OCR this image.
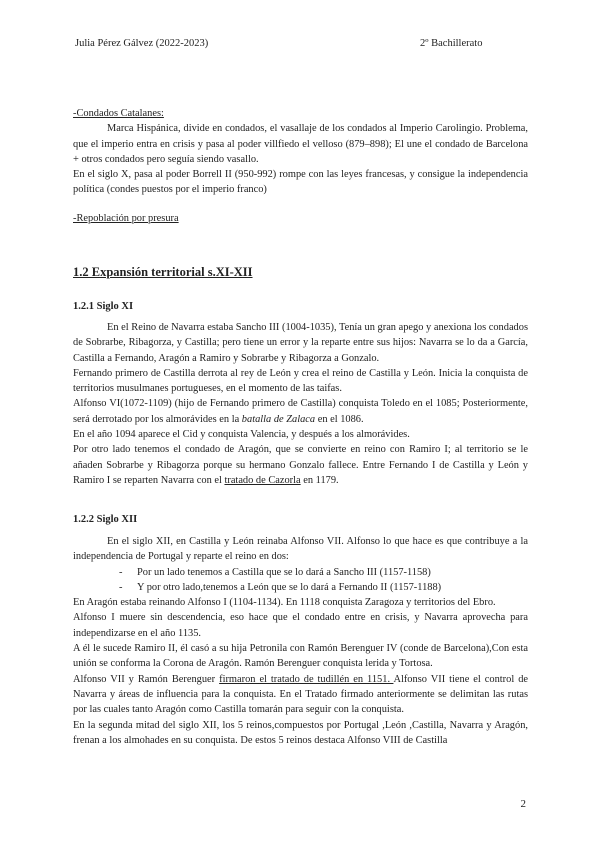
Julia Pérez Gálvez (2022-2023)	2º Bachillerato

-Condados Catalanes:

Marca Hispánica, divide en condados, el vasallaje de los condados al Imperio Carolingio. Problema, que el imperio entra en crisis y pasa al poder villfiedo el velloso (879–898); El une el condado de Barcelona + otros condados pero seguía siendo vasallo.

En el siglo X, pasa al poder Borrell II (950-992) rompe con las leyes francesas, y consigue la independencia política (condes puestos por el imperio franco)

-Repoblación por presura

1.2 Expansión territorial s.XI-XII

1.2.1 Siglo XI

En el Reino de Navarra estaba Sancho III (1004-1035), Tenía un gran apego y anexiona los condados de Sobrarbe, Ribagorza, y Castilla; pero tiene un error y la reparte entre sus hijos: Navarra se lo da a García, Castilla a Fernando, Aragón a Ramiro y Sobrarbe y Ribagorza a Gonzalo.

Fernando primero de Castilla derrota al rey de León y crea el reino de Castilla y León. Inicia la conquista de territorios musulmanes portugueses, en el momento de las taifas.

Alfonso VI(1072-1109) (hijo de Fernando primero de Castilla) conquista Toledo en el 1085; Posteriormente, será derrotado por los almorávides en la batalla de Zalaca en el 1086.

En el año 1094 aparece el Cid y conquista Valencia, y después a los almorávides.

Por otro lado tenemos el condado de Aragón, que se convierte en reino con Ramiro I; al territorio se le añaden Sobrarbe y Ribagorza porque su hermano Gonzalo fallece. Entre Fernando I de Castilla y León y Ramiro I se reparten Navarra con el tratado de Cazorla en 1179.

1.2.2 Siglo XII

En el siglo XII, en Castilla y León reinaba Alfonso VII. Alfonso lo que hace es que contribuye a la independencia de Portugal y reparte el reino en dos:

-	Por un lado tenemos a Castilla que se lo dará a Sancho III (1157-1158)

-	Y por otro lado,tenemos a León que se lo dará a Fernando II (1157-1188)

En Aragón estaba reinando Alfonso I (1104-1134). En 1118 conquista Zaragoza y territorios del Ebro.

Alfonso I muere sin descendencia, eso hace que el condado entre en crisis, y Navarra aprovecha para independizarse en el año 1135.

A él le sucede Ramiro II, él casó a su hija Petronila con Ramón Berenguer IV (conde de Barcelona),Con esta unión se conforma la Corona de Aragón. Ramón Berenguer conquista lerida y Tortosa.

Alfonso VII y Ramón Berenguer firmaron el tratado de tudillén en 1151. Alfonso VII tiene el control de Navarra y áreas de influencia para la conquista. En el Tratado firmado anteriormente se delimitan las rutas por las cuales tanto Aragón como Castilla tomarán para seguir con la conquista.

En la segunda mitad del siglo XII, los 5 reinos,compuestos por Portugal ,León ,Castilla, Navarra y Aragón, frenan a los almohades en su conquista. De estos 5 reinos destaca Alfonso VIII de Castilla

2
